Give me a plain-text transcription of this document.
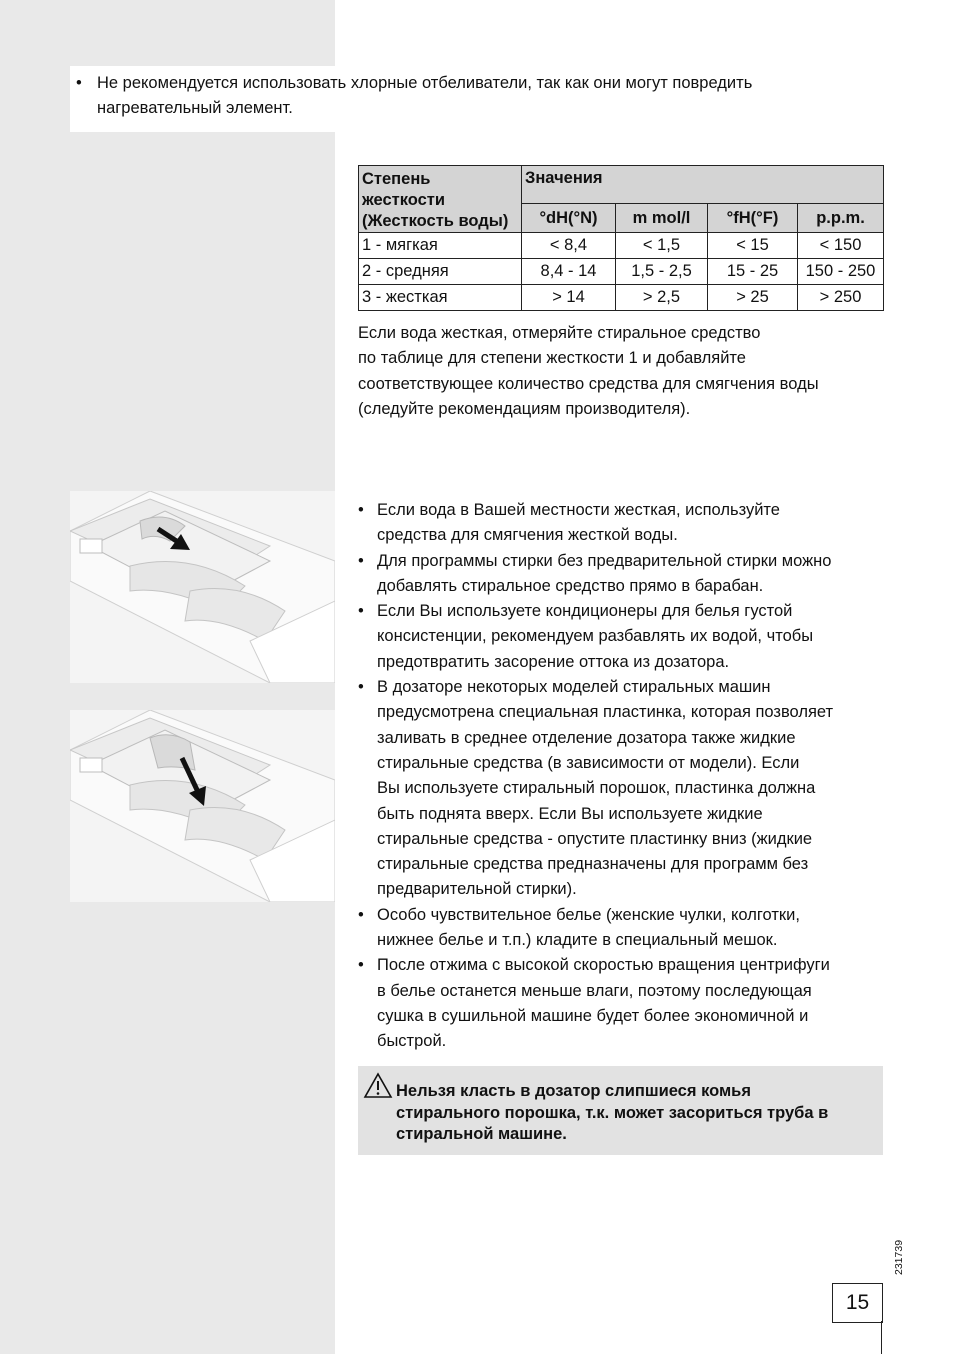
• Не рекомендуется использовать хлорные отбеливатели, так как они могут повредить
нагревательный элемент.
Степень
жесткости
(Жесткость воды)	Значения			
	°dH(°N)	m mol/l	°fH(°F)	p.p.m.
1 - мягкая	< 8,4	< 1,5	< 15	< 150
2 - средняя	8,4 - 14	1,5 - 2,5	15 - 25	150 - 250
3 - жесткая	> 14	> 2,5	> 25	> 250
Если вода жесткая, отмеряйте стиральное средство
по таблице для степени жесткости 1 и добавляйте
соответствующее количество средства для смягчения воды
(следуйте рекомендациям производителя).
• Если вода в Вашей местности жесткая, используйте
средства для смягчения жесткой воды.
• Для программы стирки без предварительной стирки можно
добавлять стиральное средство прямо в барабан.
• Если Вы используете кондиционеры для белья густой
консистенции, рекомендуем разбавлять их водой, чтобы
предотвратить засорение оттока из дозатора.
• В дозаторе некоторых моделей стиральных машин
предусмотрена специальная пластинка, которая позволяет
заливать в среднее отделение дозатора также жидкие
стиральные средства (в зависимости от модели). Если
Вы используете стиральный порошок, пластинка должна
быть поднята вверх. Если Вы используете жидкие
стиральные средства - опустите пластинку вниз (жидкие
стиральные средства предназначены для программ без
предварительной стирки).
• Особо чувствительное белье (женские чулки, колготки,
нижнее белье и т.п.) кладите в специальный мешок.
• После отжима с высокой скоростью вращения центрифуги
в белье останется меньше влаги, поэтому последующая
сушка в сушильной машине будет более экономичной и
быстрой.
Нельзя класть в дозатор слипшиеся комья
стирального порошка, т.к. может засориться труба в
стиральной машине.
231739
15
